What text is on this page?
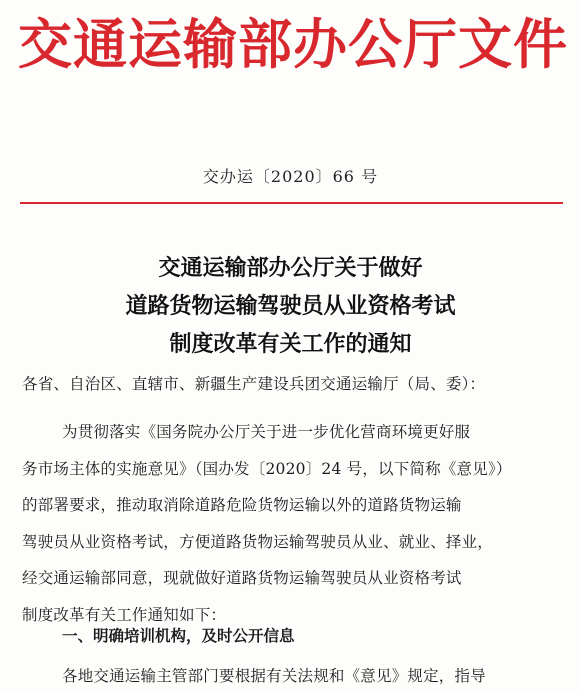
交通运输部办公厅文件
交办运〔2020〕66 号
交通运输部办公厅关于做好
道路货物运输驾驶员从业资格考试
制度改革有关工作的通知
各省、自治区、直辖市、新疆生产建设兵团交通运输厅（局、委）：
为贯彻落实《国务院办公厅关于进一步优化营商环境更好服
务市场主体的实施意见》（国办发〔2020〕24 号，以下简称《意见》）
的部署要求，推动取消除道路危险货物运输以外的道路货物运输
驾驶员从业资格考试，方便道路货物运输驾驶员从业、就业、择业，
经交通运输部同意，现就做好道路货物运输驾驶员从业资格考试
制度改革有关工作通知如下：
一、明确培训机构，及时公开信息
各地交通运输主管部门要根据有关法规和《意见》规定，指导
